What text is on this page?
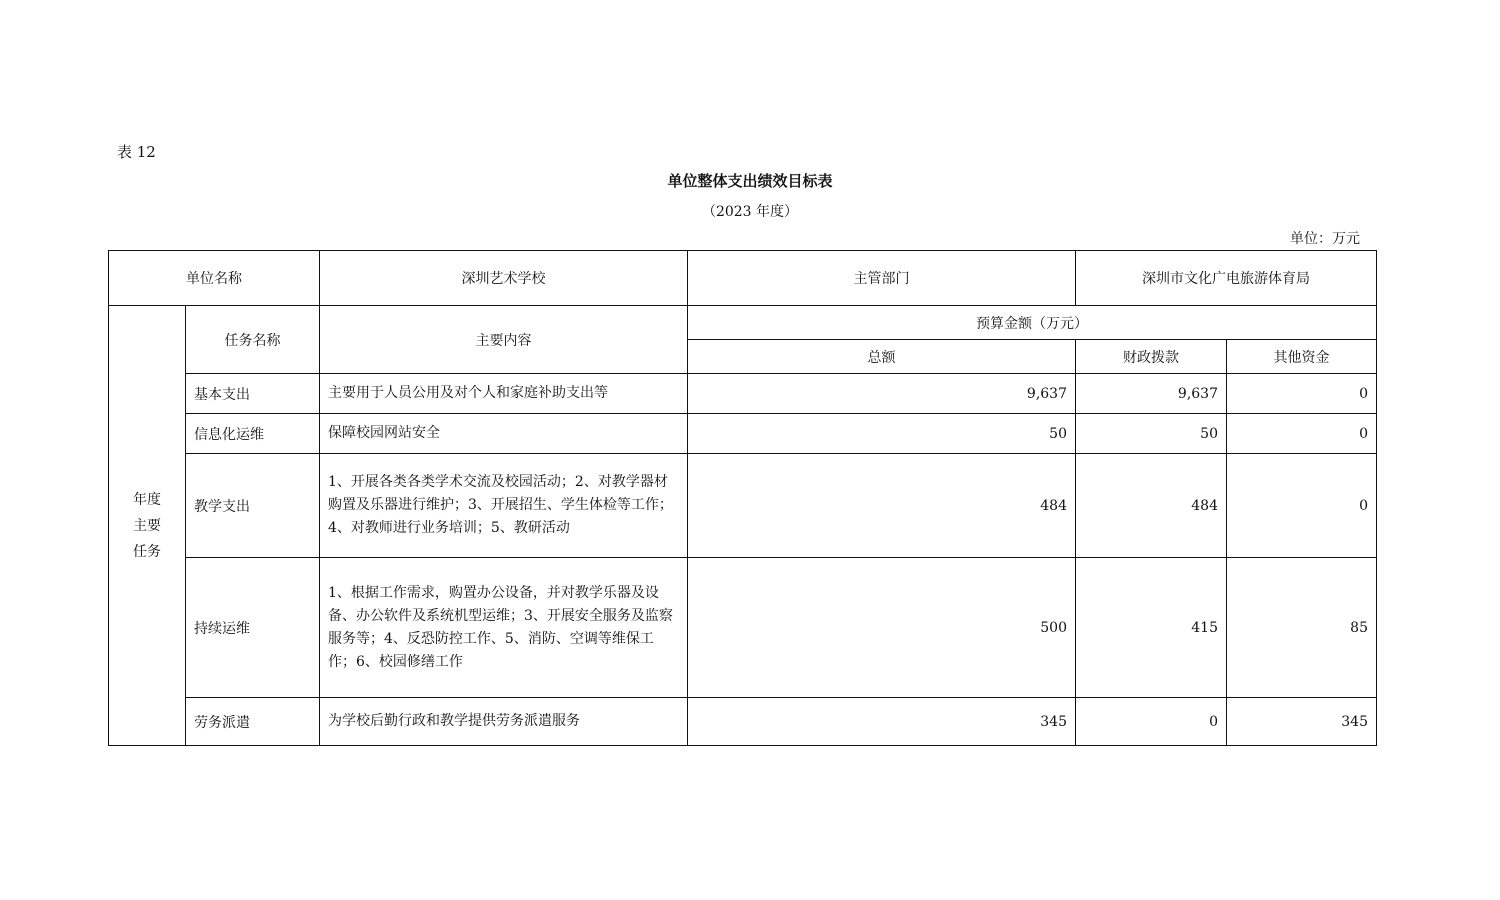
表 12
单位整体支出绩效目标表
（2023 年度）
单位：万元
单位名称		深圳艺术学校	主管部门	深圳市文化广电旅游体育局	
年度
主要
任务	任务名称	主要内容	预算金额（万元）		
			总额	财政拨款	其他资金
	基本支出	主要用于人员公用及对个人和家庭补助支出等	9,637	9,637	0
	信息化运维	保障校园网站安全	50	50	0
	教学支出	1、开展各类各类学术交流及校园活动；2、对教学器材购置及乐器进行维护；3、开展招生、学生体检等工作；4、对教师进行业务培训；5、教研活动	484	484	0
	持续运维	1、根据工作需求，购置办公设备，并对教学乐器及设备、办公软件及系统机型运维；3、开展安全服务及监察服务等；4、反恐防控工作、5、消防、空调等维保工作；6、校园修缮工作	500	415	85
	劳务派遣	为学校后勤行政和教学提供劳务派遣服务	345	0	345
